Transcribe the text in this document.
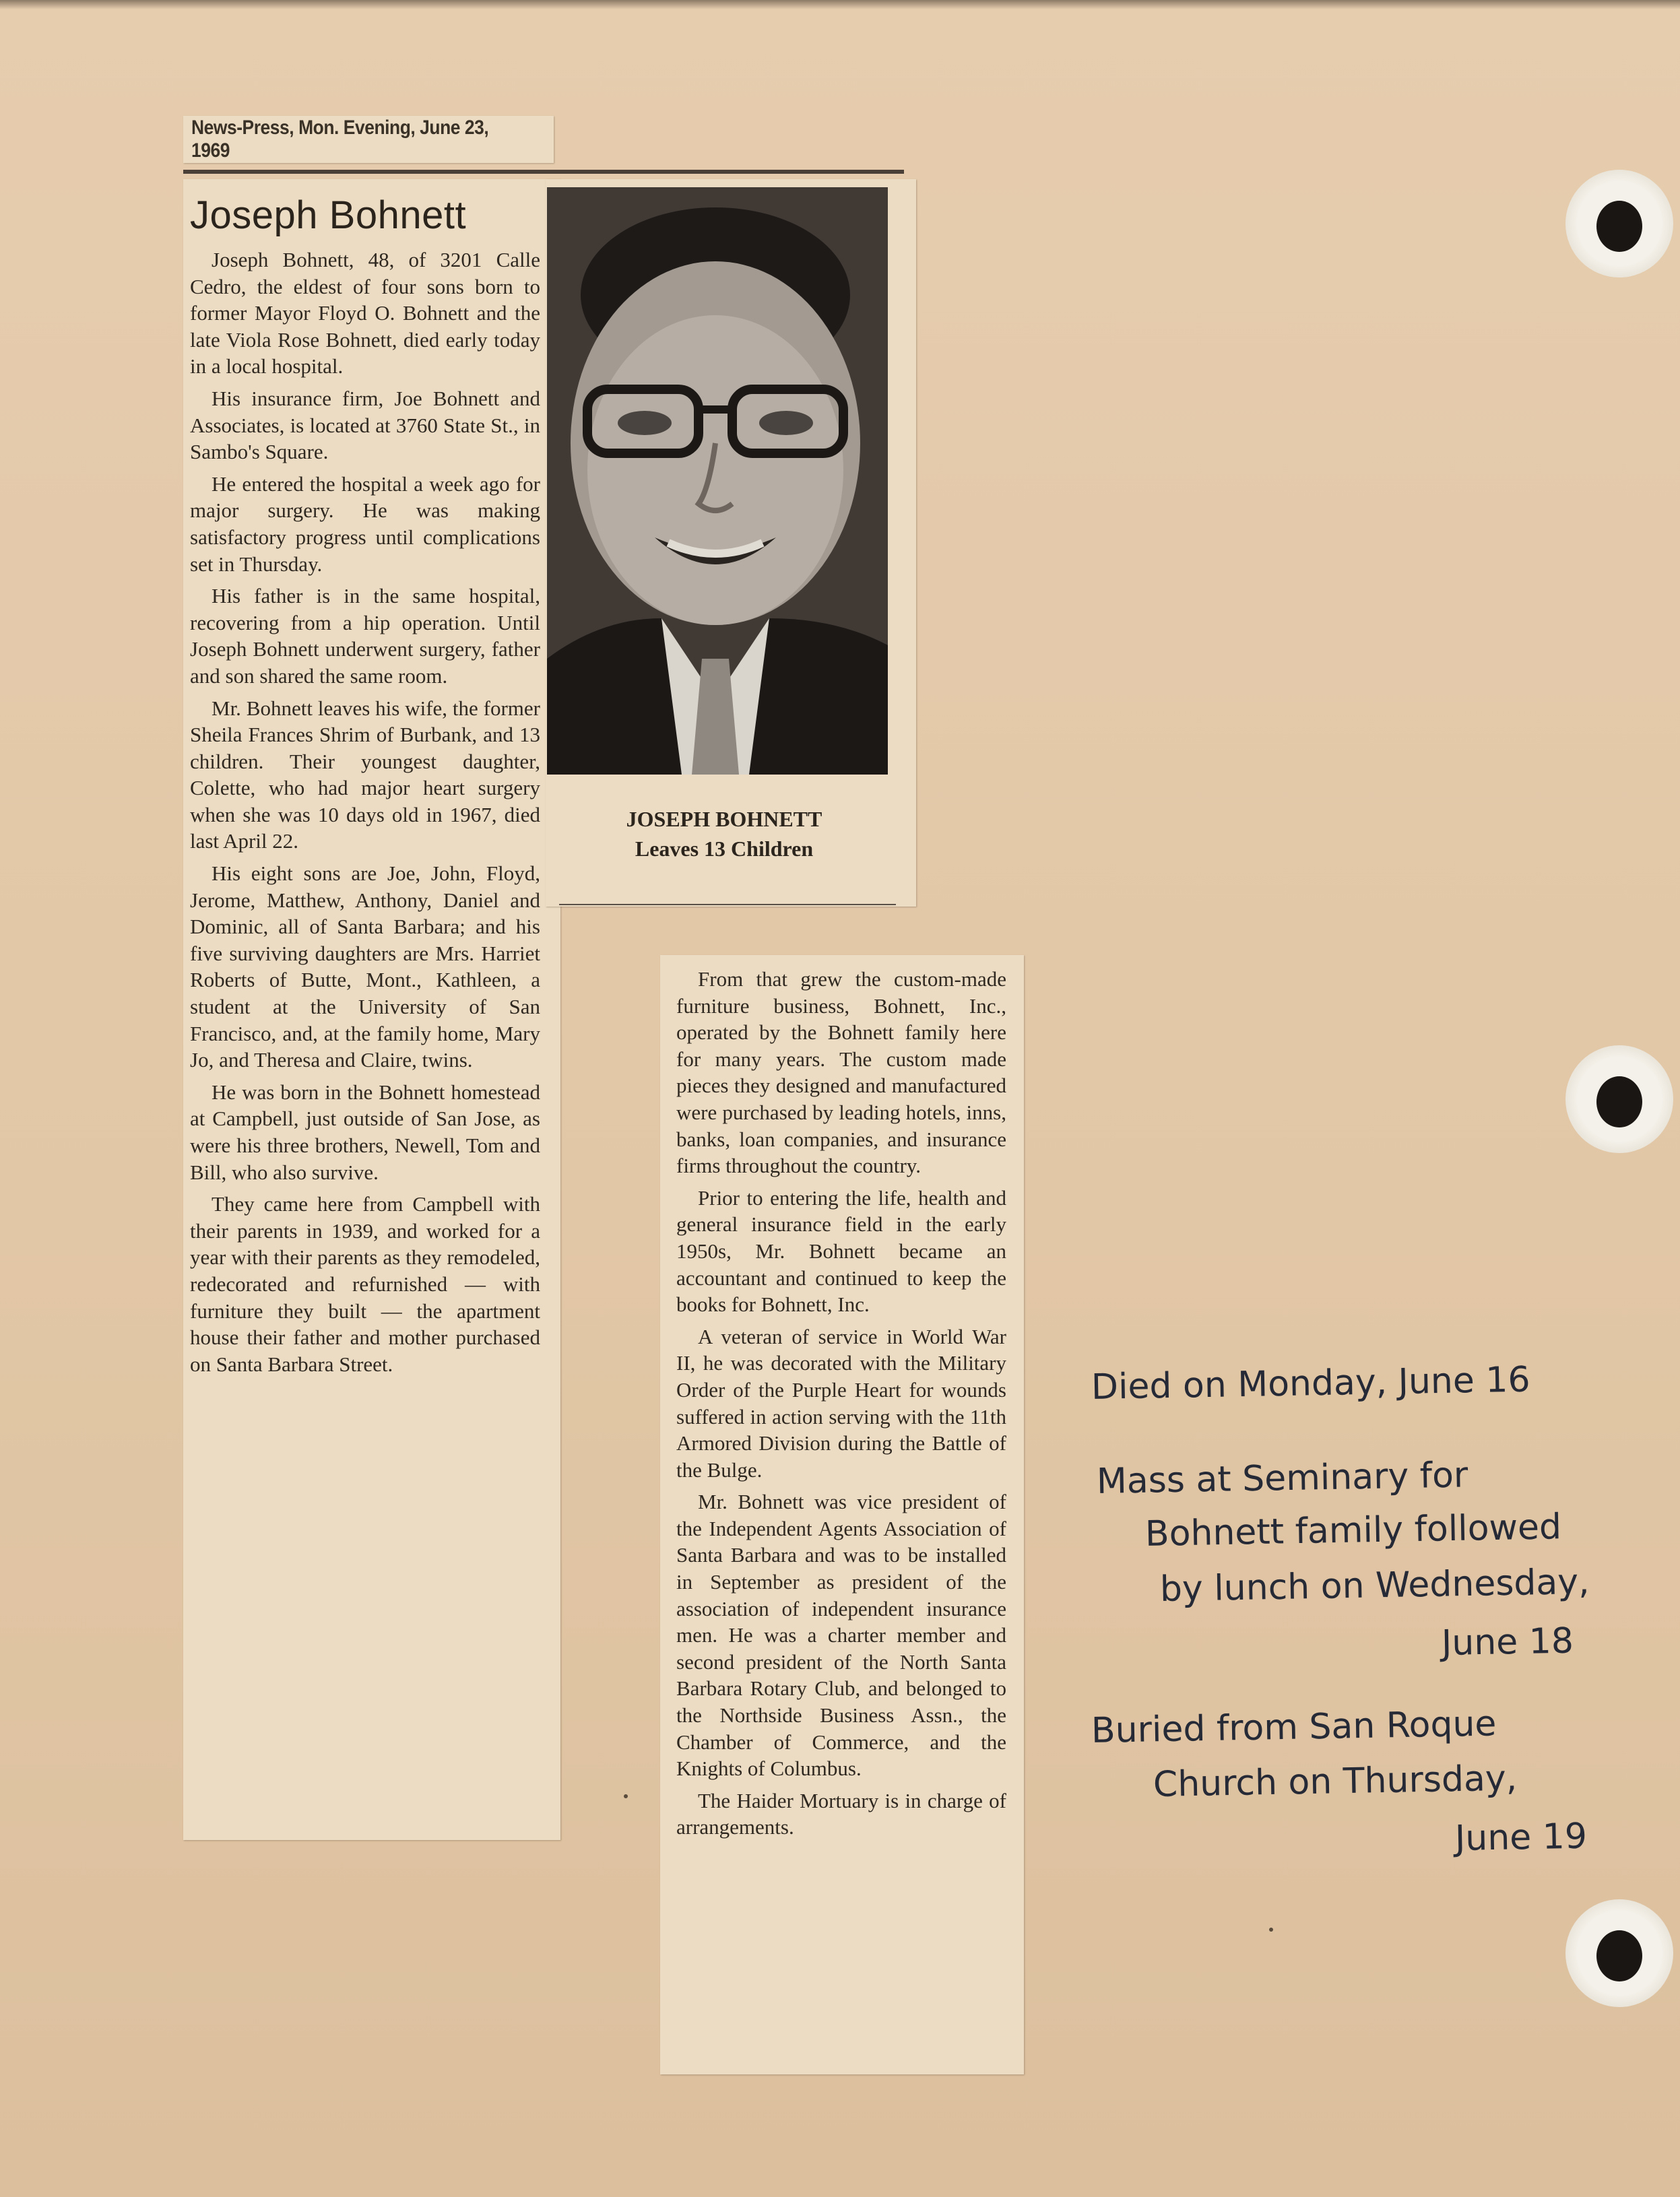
News-Press, Mon. Evening, June 23, 1969
Joseph Bohnett

Joseph Bohnett, 48, of 3201 Calle Cedro, the eldest of four sons born to former Mayor Floyd O. Bohnett and the late Viola Rose Bohnett, died early today in a local hospital.

His insurance firm, Joe Bohnett and Associates, is located at 3760 State St., in Sambo's Square.

He entered the hospital a week ago for major surgery. He was making satisfactory progress until complications set in Thursday.

His father is in the same hospital, recovering from a hip operation. Until Joseph Bohnett underwent surgery, father and son shared the same room.

Mr. Bohnett leaves his wife, the former Sheila Frances Shrim of Burbank, and 13 children. Their youngest daughter, Colette, who had major heart surgery when she was 10 days old in 1967, died last April 22.

His eight sons are Joe, John, Floyd, Jerome, Matthew, Anthony, Daniel and Dominic, all of Santa Barbara; and his five surviving daughters are Mrs. Harriet Roberts of Butte, Mont., Kathleen, a student at the University of San Francisco, and, at the family home, Mary Jo, and Theresa and Claire, twins.

He was born in the Bohnett homestead at Campbell, just outside of San Jose, as were his three brothers, Newell, Tom and Bill, who also survive.

They came here from Campbell with their parents in 1939, and worked for a year with their parents as they remodeled, redecorated and refurnished — with furniture they built — the apartment house their father and mother purchased on Santa Barbara Street.

JOSEPH BOHNETT
Leaves 13 Children

From that grew the custom-made furniture business, Bohnett, Inc., operated by the Bohnett family here for many years. The custom made pieces they designed and manufactured were purchased by leading hotels, inns, banks, loan companies, and insurance firms throughout the country.

Prior to entering the life, health and general insurance field in the early 1950s, Mr. Bohnett became an accountant and continued to keep the books for Bohnett, Inc.

A veteran of service in World War II, he was decorated with the Military Order of the Purple Heart for wounds suffered in action serving with the 11th Armored Division during the Battle of the Bulge.

Mr. Bohnett was vice president of the Independent Agents Association of Santa Barbara and was to be installed in September as president of the association of independent insurance men. He was a charter member and second president of the North Santa Barbara Rotary Club, and belonged to the Northside Business Assn., the Chamber of Commerce, and the Knights of Columbus.

The Haider Mortuary is in charge of arrangements.

Died on Monday, June 16
Mass at Seminary for
Bohnett family followed
by lunch on Wednesday,
June 18
Buried from San Roque
Church on Thursday,
June 19
